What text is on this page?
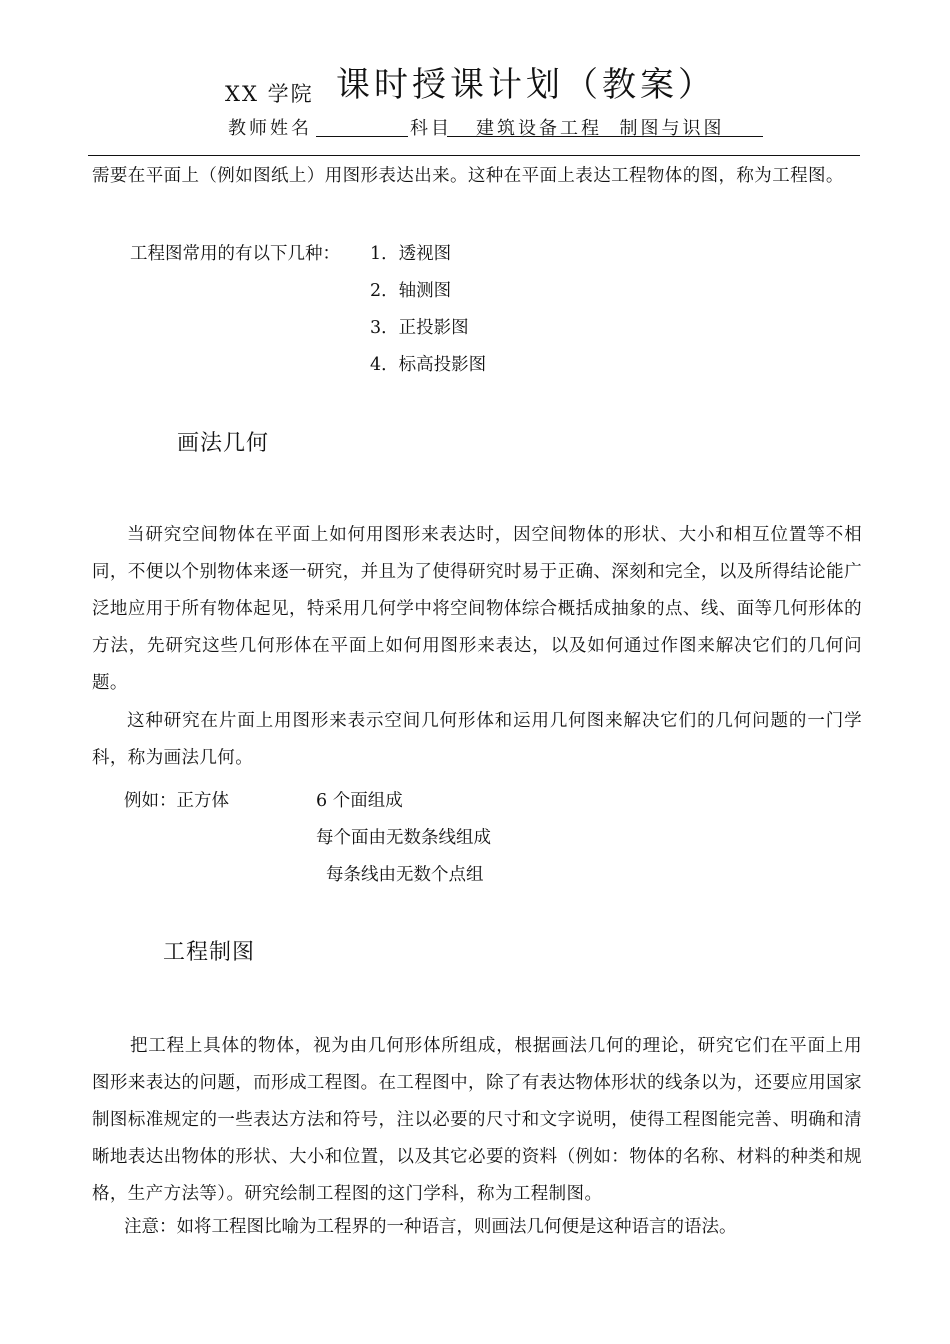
XX 学院 课时授课计划（教案）
教师姓名	科目 建筑设备工程  制图与识图
需要在平面上（例如图纸上）用图形表达出来。这种在平面上表达工程物体的图，称为工程图。
工程图常用的有以下几种： 1．透视图
2．轴测图
3．正投影图
4．标高投影图
画法几何
当研究空间物体在平面上如何用图形来表达时，因空间物体的形状、大小和相互位置等不相同，不便以个别物体来逐一研究，并且为了使得研究时易于正确、深刻和完全，以及所得结论能广泛地应用于所有物体起见，特采用几何学中将空间物体综合概括成抽象的点、线、面等几何形体的方法，先研究这些几何形体在平面上如何用图形来表达，以及如何通过作图来解决它们的几何问题。
这种研究在片面上用图形来表示空间几何形体和运用几何图来解决它们的几何问题的一门学科，称为画法几何。
例如：正方体	6 个面组成
每个面由无数条线组成
每条线由无数个点组
工程制图
把工程上具体的物体，视为由几何形体所组成，根据画法几何的理论，研究它们在平面上用图形来表达的问题，而形成工程图。在工程图中，除了有表达物体形状的线条以为，还要应用国家制图标准规定的一些表达方法和符号，注以必要的尺寸和文字说明，使得工程图能完善、明确和清晰地表达出物体的形状、大小和位置，以及其它必要的资料（例如：物体的名称、材料的种类和规格，生产方法等）。研究绘制工程图的这门学科，称为工程制图。
注意：如将工程图比喻为工程界的一种语言，则画法几何便是这种语言的语法。
